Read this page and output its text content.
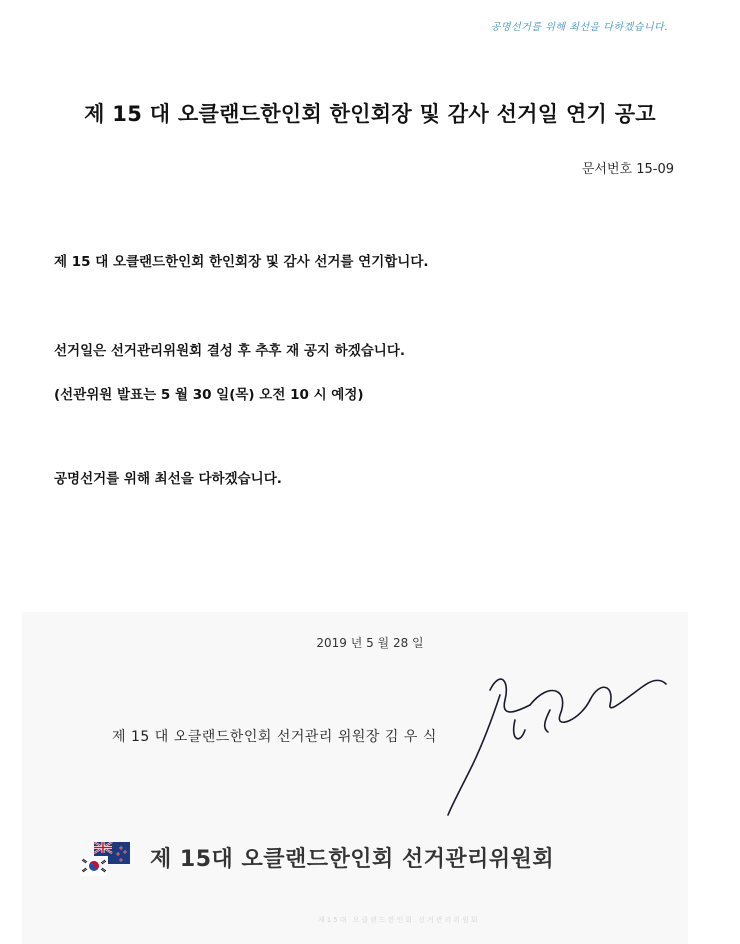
공명선거를 위해 최선을 다하겠습니다.
제 15 대 오클랜드한인회 한인회장 및 감사 선거일 연기 공고
문서번호 15-09
제 15 대 오클랜드한인회 한인회장 및 감사 선거를 연기합니다.
선거일은 선거관리위원회 결성 후 추후 재 공지 하겠습니다.
(선관위원 발표는 5 월 30 일(목) 오전 10 시 예정)
공명선거를 위해 최선을 다하겠습니다.
2019 년 5 월 28 일
제 15 대 오클랜드한인회 선거관리 위원장 김 우 식
제 15대 오클랜드한인회 선거관리위원회
제15대 오클랜드한인회 선거관리위원회
